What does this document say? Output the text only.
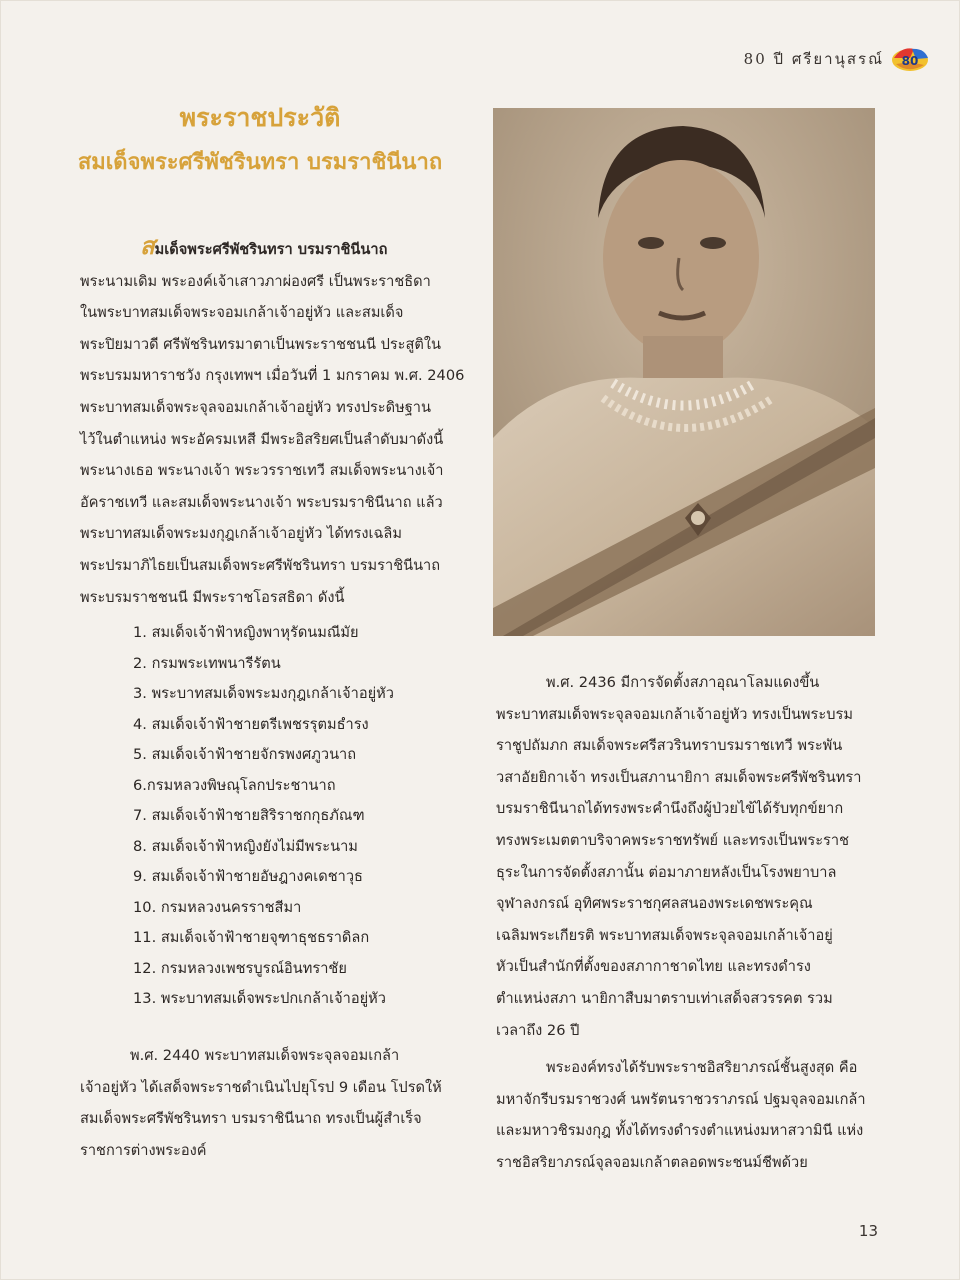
80 ปี ศรียานุสรณ์ 80
พระราชประวัติ
สมเด็จพระศรีพัชรินทรา บรมราชินีนาถ

สมเด็จพระศรีพัชรินทรา บรมราชินีนาถ

พระนามเดิม พระองค์เจ้าเสาวภาผ่องศรี เป็นพระราชธิดา

ในพระบาทสมเด็จพระจอมเกล้าเจ้าอยู่หัว และสมเด็จ

พระปิยมาวดี ศรีพัชรินทรมาตาเป็นพระราชชนนี ประสูติใน

พระบรมมหาราชวัง กรุงเทพฯ เมื่อวันที่ 1 มกราคม พ.ศ. 2406

พระบาทสมเด็จพระจุลจอมเกล้าเจ้าอยู่หัว ทรงประดิษฐาน

ไว้ในตำแหน่ง พระอัครมเหสี มีพระอิสริยศเป็นลำดับมาดังนี้

พระนางเธอ พระนางเจ้า พระวรราชเทวี สมเด็จพระนางเจ้า

อัคราชเทวี และสมเด็จพระนางเจ้า พระบรมราชินีนาถ แล้ว

พระบาทสมเด็จพระมงกุฎเกล้าเจ้าอยู่หัว ได้ทรงเฉลิม

พระปรมาภิไธยเป็นสมเด็จพระศรีพัชรินทรา บรมราชินีนาถ

พระบรมราชชนนี มีพระราชโอรสธิดา ดังนี้

1. สมเด็จเจ้าฟ้าหญิงพาหุรัดนมณีมัย
2. กรมพระเทพนารีรัตน
3. พระบาทสมเด็จพระมงกุฎเกล้าเจ้าอยู่หัว
4. สมเด็จเจ้าฟ้าชายตรีเพชรรุตมธำรง
5. สมเด็จเจ้าฟ้าชายจักรพงศภูวนาถ
6.กรมหลวงพิษณุโลกประชานาถ
7. สมเด็จเจ้าฟ้าชายสิริราชกกุธภัณฑ
8. สมเด็จเจ้าฟ้าหญิงยังไม่มีพระนาม
9. สมเด็จเจ้าฟ้าชายอัษฎางคเดชาวุธ
10. กรมหลวงนครราชสีมา
11. สมเด็จเจ้าฟ้าชายจุฑาธุชธราดิลก
12. กรมหลวงเพชรบูรณ์อินทราชัย
13. พระบาทสมเด็จพระปกเกล้าเจ้าอยู่หัว

พ.ศ. 2440 พระบาทสมเด็จพระจุลจอมเกล้า

เจ้าอยู่หัว ได้เสด็จพระราชดำเนินไปยุโรป 9 เดือน โปรดให้

สมเด็จพระศรีพัชรินทรา บรมราชินีนาถ ทรงเป็นผู้สำเร็จ

ราชการต่างพระองค์

พ.ศ. 2436 มีการจัดตั้งสภาอุณาโลมแดงขึ้น

พระบาทสมเด็จพระจุลจอมเกล้าเจ้าอยู่หัว ทรงเป็นพระบรม

ราชูปถัมภก สมเด็จพระศรีสวรินทราบรมราชเทวี พระพัน

วสาอัยยิกาเจ้า ทรงเป็นสภานายิกา สมเด็จพระศรีพัชรินทรา

บรมราชินีนาถได้ทรงพระคำนึงถึงผู้ป่วยไข้ได้รับทุกข์ยาก

ทรงพระเมตตาบริจาคพระราชทรัพย์ และทรงเป็นพระราช

ธุระในการจัดตั้งสภานั้น ต่อมาภายหลังเป็นโรงพยาบาล

จุฬาลงกรณ์ อุทิศพระราชกุศลสนองพระเดชพระคุณ

เฉลิมพระเกียรติ พระบาทสมเด็จพระจุลจอมเกล้าเจ้าอยู่

หัวเป็นสำนักที่ตั้งของสภากาชาดไทย และทรงดำรง

ตำแหน่งสภา นายิกาสืบมาตราบเท่าเสด็จสวรรคต รวม

เวลาถึง 26 ปี

พระองค์ทรงได้รับพระราชอิสริยาภรณ์ชั้นสูงสุด คือ

มหาจักรีบรมราชวงศ์ นพรัตนราชวราภรณ์ ปฐมจุลจอมเกล้า

และมหาวชิรมงกุฎ ทั้งได้ทรงดำรงตำแหน่งมหาสวามินี แห่ง

ราชอิสริยาภรณ์จุลจอมเกล้าตลอดพระชนม์ชีพด้วย

13
